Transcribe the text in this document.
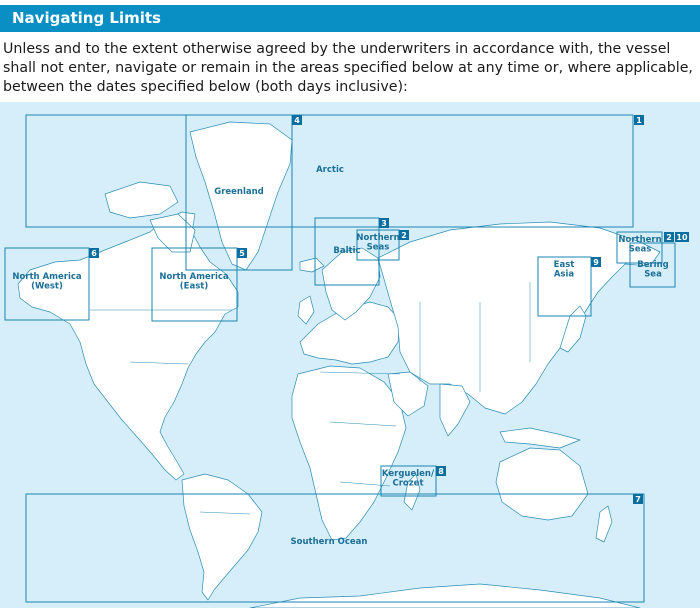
Navigating Limits

Unless and to the extent otherwise agreed by the underwriters in accordance with, the vessel shall not enter, navigate or remain in the areas specified below at any time or, where applicable, between the dates specified below (both days inclusive):

1
2
3
4
5
6
7
8
9
10
2
Arctic
Northern Seas
Baltic
Greenland
North America (East)
North America (West)
Southern Ocean
Kerguelen/ Crozet
East Asia
Bering Sea
Northern Seas
